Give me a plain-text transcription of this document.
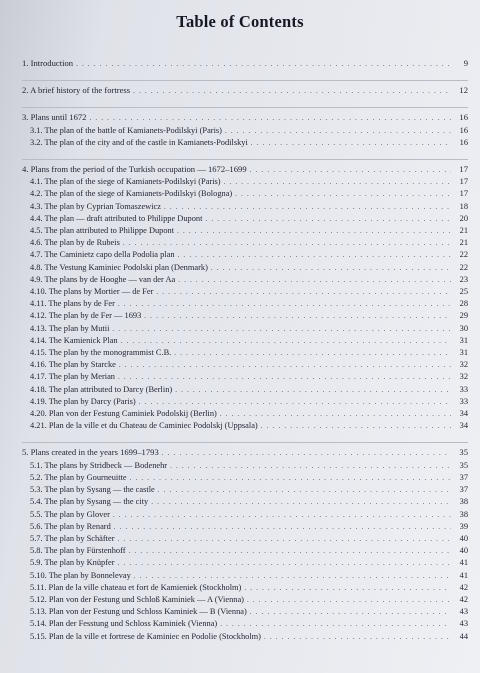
Table of Contents
1. Introduction . . .	9
2. A brief history of the fortress . . .	12
3. Plans until 1672 . . .	16
3.1. The plan of the battle of Kamianets-Podilskyi (Paris) . . .	16
3.2. The plan of the city and of the castle in Kamianets-Podilskyi . . .	16
4. Plans from the period of the Turkish occupation — 1672–1699 . . .	17
4.1. The plan of the siege of Kamianets-Podilskyi (Paris) . . .	17
4.2. The plan of the siege of Kamianets-Podilskyi (Bologna) . . .	17
4.3. The plan by Cyprian Tomaszewicz . . .	18
4.4. The plan — draft attributed to Philippe Dupont . . .	20
4.5. The plan attributed to Philippe Dupont . . .	21
4.6. The plan by de Rubeis . . .	21
4.7. The Caminietz capo della Podolia plan . . .	22
4.8. The Vestung Kaminiec Podolski plan (Denmark) . . .	22
4.9. The plans by de Hooghe — van der Aa . . .	23
4.10. The plans by Mortier — de Fer . . .	25
4.11. The plans by de Fer . . .	28
4.12. The plan by de Fer — 1693 . . .	29
4.13. The plan by Mutii . . .	30
4.14. The Kamienick Plan . . .	31
4.15. The plan by the monogrammist C.B. . . .	31
4.16. The plan by Starcke . . .	32
4.17. The plan by Merian . . .	32
4.18. The plan attributed to Darcy (Berlin) . . .	33
4.19. The plan by Darcy (Paris) . . .	33
4.20. Plan von der Festung Caminiek Podolskij (Berlin) . . .	34
4.21. Plan de la ville et du Chateau de Caminiec Podolskj (Uppsala) . . .	34
5. Plans created in the years 1699–1793 . . .	35
5.1. The plans by Stridbeck — Bodenehr . . .	35
5.2. The plan by Gourneuitte . . .	37
5.3. The plan by Sysang — the castle . . .	37
5.4. The plan by Sysang — the city . . .	38
5.5. The plan by Glover . . .	38
5.6. The plan by Renard . . .	39
5.7. The plan by Schäfter . . .	40
5.8. The plan by Fürstenhoff . . .	40
5.9. The plan by Knüpfer . . .	41
5.10. The plan by Bonnelevay . . .	41
5.11. Plan de la ville chateau et fort de Kamieniek (Stockholm) . . .	42
5.12. Plan von der Festung und Schloß Kaminiek — A (Vienna) . . .	42
5.13. Plan von der Festung und Schloss Kaminiek — B (Vienna) . . .	43
5.14. Plan der Fesstung und Schloss Kaminiek (Vienna) . . .	43
5.15. Plan de la ville et fortrese de Kaminiec en Podolie (Stockholm) . . .	44
